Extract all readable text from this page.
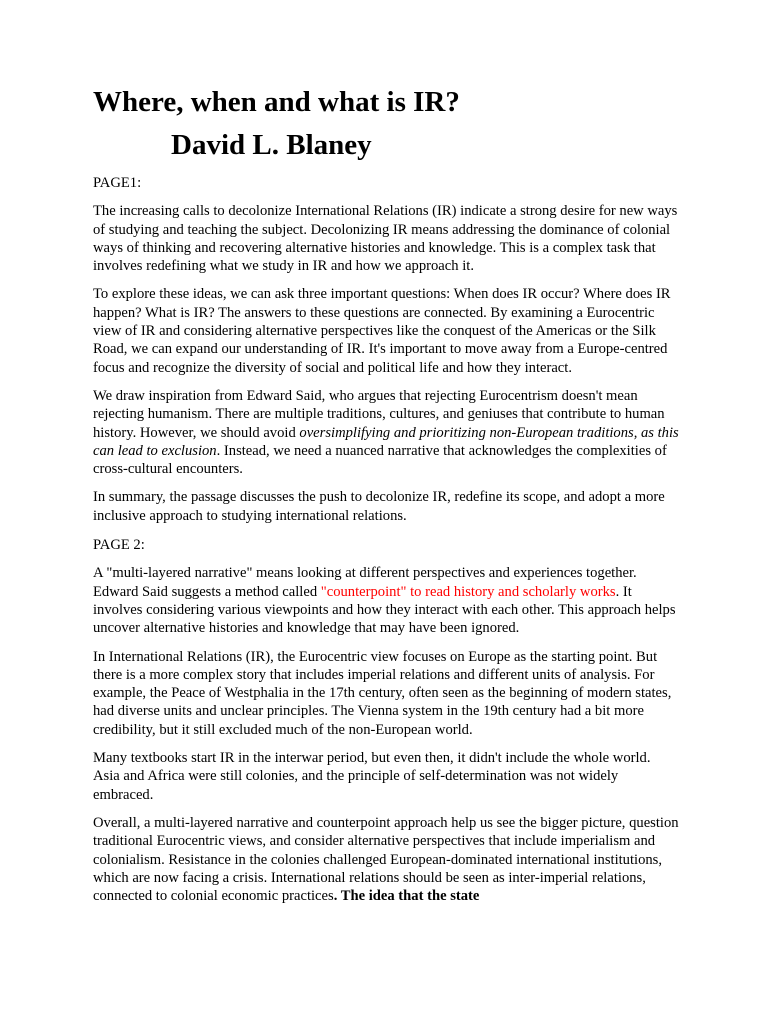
Where, when and what is IR?
David L. Blaney

PAGE1:

The increasing calls to decolonize International Relations (IR) indicate a strong desire for new ways of studying and teaching the subject. Decolonizing IR means addressing the dominance of colonial ways of thinking and recovering alternative histories and knowledge. This is a complex task that involves redefining what we study in IR and how we approach it.

To explore these ideas, we can ask three important questions: When does IR occur? Where does IR happen? What is IR? The answers to these questions are connected. By examining a Eurocentric view of IR and considering alternative perspectives like the conquest of the Americas or the Silk Road, we can expand our understanding of IR. It's important to move away from a Europe-centred focus and recognize the diversity of social and political life and how they interact.

We draw inspiration from Edward Said, who argues that rejecting Eurocentrism doesn't mean rejecting humanism. There are multiple traditions, cultures, and geniuses that contribute to human history. However, we should avoid oversimplifying and prioritizing non-European traditions, as this can lead to exclusion. Instead, we need a nuanced narrative that acknowledges the complexities of cross-cultural encounters.

In summary, the passage discusses the push to decolonize IR, redefine its scope, and adopt a more inclusive approach to studying international relations.

PAGE 2:

A "multi-layered narrative" means looking at different perspectives and experiences together. Edward Said suggests a method called "counterpoint" to read history and scholarly works. It involves considering various viewpoints and how they interact with each other. This approach helps uncover alternative histories and knowledge that may have been ignored.

In International Relations (IR), the Eurocentric view focuses on Europe as the starting point. But there is a more complex story that includes imperial relations and different units of analysis. For example, the Peace of Westphalia in the 17th century, often seen as the beginning of modern states, had diverse units and unclear principles. The Vienna system in the 19th century had a bit more credibility, but it still excluded much of the non-European world.

Many textbooks start IR in the interwar period, but even then, it didn't include the whole world. Asia and Africa were still colonies, and the principle of self-determination was not widely embraced.

Overall, a multi-layered narrative and counterpoint approach help us see the bigger picture, question traditional Eurocentric views, and consider alternative perspectives that include imperialism and colonialism. Resistance in the colonies challenged European-dominated international institutions, which are now facing a crisis. International relations should be seen as inter-imperial relations, connected to colonial economic practices. The idea that the state
